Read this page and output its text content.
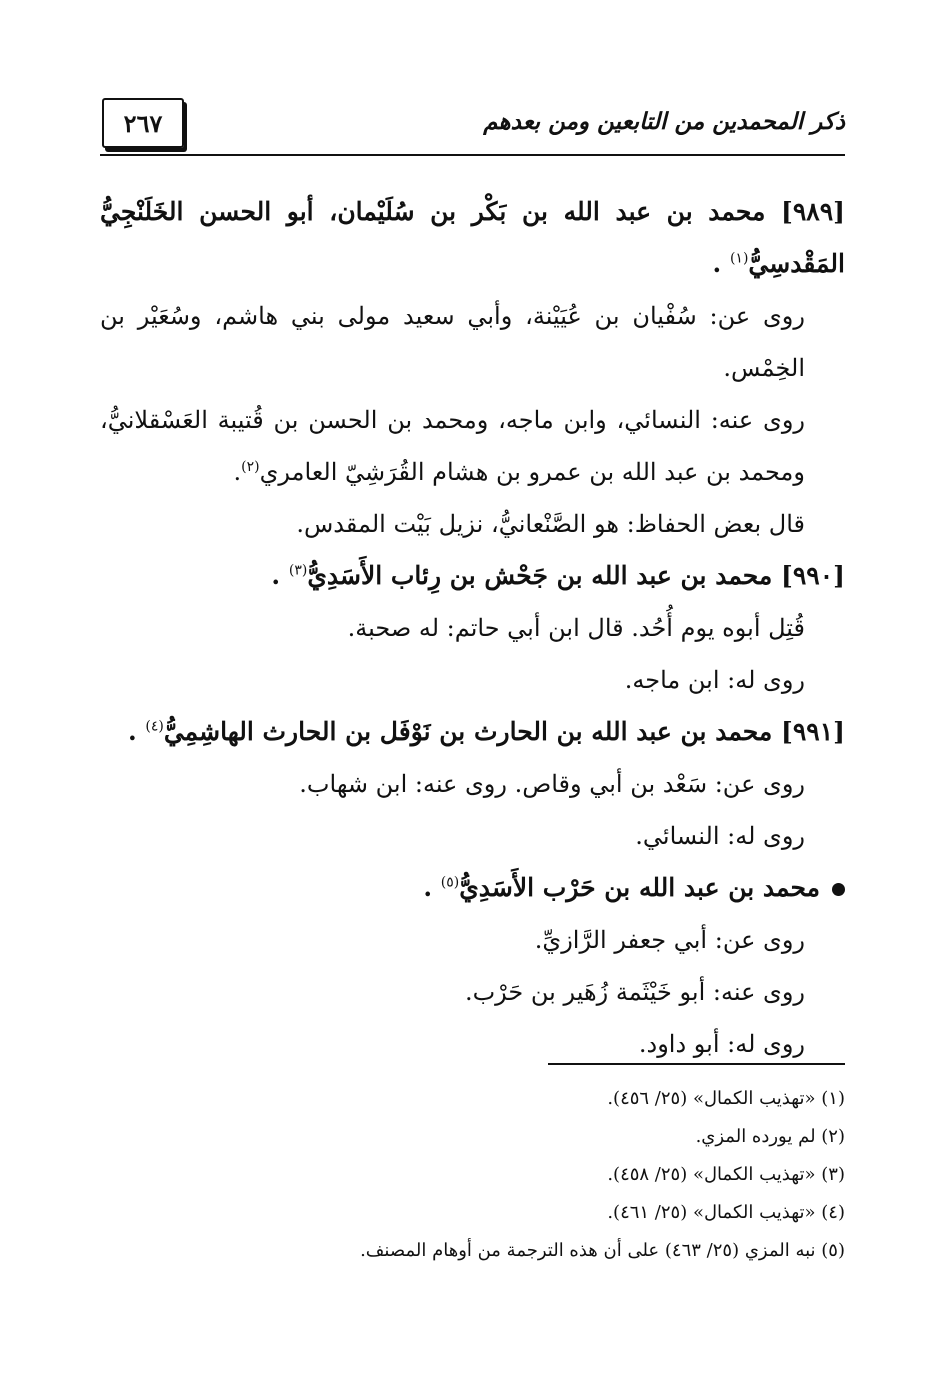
٢٦٧	ذكر المحمدين من التابعين ومن بعدهم

[٩٨٩] محمد بن عبد الله بن بَكْر بن سُلَيْمان، أبو الحسن الخَلَنْجِيُّ المَقْدسِيُّ$^{(١)}$ .

روى عن: سُفْيان بن عُيَيْنة، وأبي سعيد مولى بني هاشم، وسُعَيْر بن الخِمْس.

روى عنه: النسائي، وابن ماجه، ومحمد بن الحسن بن قُتيبة العَسْقلانيُّ، ومحمد بن عبد الله بن عمرو بن هشام القُرَشِيّ العامري$^{(٢)}$.

قال بعض الحفاظ: هو الصَّنْعانيُّ، نزيل بَيْت المقدس.

[٩٩٠] محمد بن عبد الله بن جَحْش بن رِئاب الأَسَدِيُّ$^{(٣)}$ .

قُتِل أبوه يوم أُحُد. قال ابن أبي حاتم: له صحبة.

روى له: ابن ماجه.

[٩٩١] محمد بن عبد الله بن الحارث بن نَوْفَل بن الحارث الهاشِمِيُّ$^{(٤)}$ .

روى عن: سَعْد بن أبي وقاص. روى عنه: ابن شهاب.

روى له: النسائي.

محمد بن عبد الله بن حَرْب الأَسَدِيُّ$^{(٥)}$ .

روى عن: أبي جعفر الرَّازيِّ.

روى عنه: أبو خَيْثَمة زُهَير بن حَرْب.

روى له: أبو داود.

(١) «تهذيب الكمال» (٢٥/ ٤٥٦).

(٢) لم يورده المزي.

(٣) «تهذيب الكمال» (٢٥/ ٤٥٨).

(٤) «تهذيب الكمال» (٢٥/ ٤٦١).

(٥) نبه المزي (٢٥/ ٤٦٣) على أن هذه الترجمة من أوهام المصنف.
